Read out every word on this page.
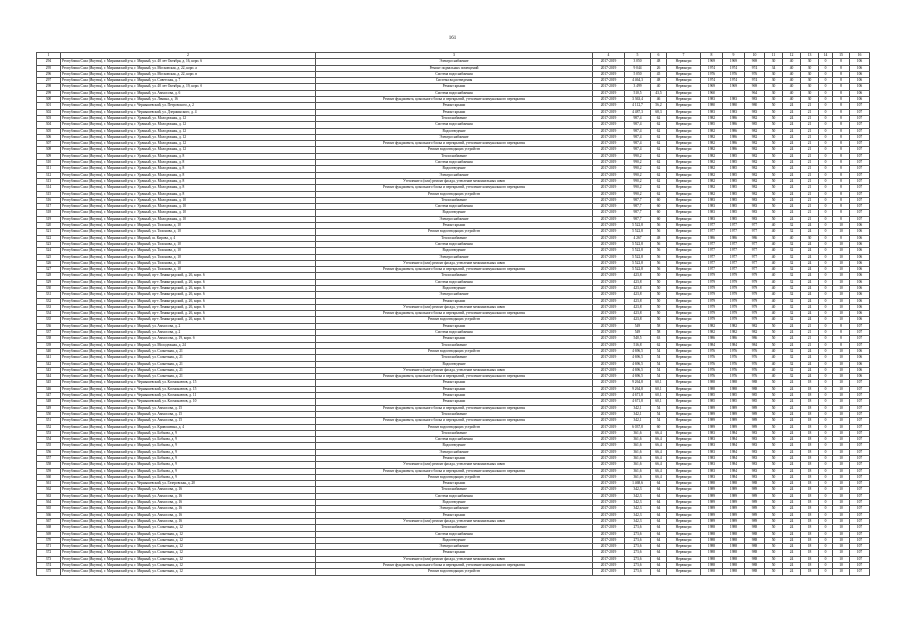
161
1	2	3	4	5	6	7	8	9	10	11	12	13	14	15	16
294	Республика Саха (Якутия), г. Мирнинский р-н, г. Мирный, ул. 40 лет Октября, д. 16, корп. 6	Электроснабжение	2017-2019	3 050	48	Нерюнгри	1969	1969	969	30	40	30	0	8	106
295	Республика Саха (Якутия), г. Мирнинский р-н, г. Мирный, ул. Московская, д. 22, корп. а	Ремонт подвальных помещений	2017-2019	9 044	26	Нерюнгри	1974	1974	974	34	40	30	0	8	106
296	Республика Саха (Якутия), г. Мирнинский р-н, г. Мирный, ул. Московская, д. 22, корп. в	Система водоснабжения	2017-2019	5 050	45	Нерюнгри	1976	1976	976	30	40	30	0	8	106
297	Республика Саха (Якутия), г. Мирнинский р-н, г. Мирный, ул. Советская, д. 7	Система водоотведения	2017-2019	4 464,3	48	Нерюнгри	1974	1974	974	30	40	30	0	8	106
298	Республика Саха (Якутия), г. Мирнинский р-н, г. Мирный, ул. 40 лет Октября, д. 19, корп. б	Ремонт крыши	2017-2019	3 499	40	Нерюнгри	1969	1969	969	30	40	30	0	8	106
299	Республика Саха (Якутия), г. Мирнинский р-н, г. Мирный, ул. Аммосова, д. 6	Система водоснабжения	2017-2019	510,5	43,5	Нерюнгри	1960		964	30	40	30	0	8	106
300	Республика Саха (Якутия), г. Мирнинский р-н, г. Мирный, ул. Ленина, д. 16	Ремонт фундамента, цокольного блока и перекрытий, утепление коммунального перекрытия	2017-2019	3 363,4	46	Нерюнгри	1983	1983	983	30	40	30	0	8	106
301	Республика Саха (Якутия), г. Мирнинский р-н, г. Чернышевский, ул. Петровского, д. 2	Ремонт крыши	2017-2019	4 112,7	56,2	Нерюнгри	1980	1980	980	50	24	21	0	8	107
302	Республика Саха (Якутия), г. Мирнинский р-н, г. Чернышевский, ул. Дзержинского, д. 4	Ремонт крыши	2017-2019	4 487,3	68,3	Нерюнгри	1983	1983	983	50	24	21	0	8	107
303	Республика Саха (Якутия), г. Мирнинский р-н, г. Удачный, ул. Молодежная, д. 12	Теплоснабжение	2017-2019	987,4	62	Нерюнгри	1982	1986	982	50	24	21	0	8	107
304	Республика Саха (Якутия), г. Мирнинский р-н, г. Удачный, ул. Молодежная, д. 12	Система водоснабжения	2017-2019	987,4	62	Нерюнгри	1985	1986	985	50	24	21	0	8	107
305	Республика Саха (Якутия), г. Мирнинский р-н, г. Удачный, ул. Молодежная, д. 12	Водоотведение	2017-2019	987,4	62	Нерюнгри	1982	1986	982	50	24	21	0	8	107
306	Республика Саха (Якутия), г. Мирнинский р-н, г. Удачный, ул. Молодежная, д. 12	Электроснабжение	2017-2019	987,4	62	Нерюнгри	1982	1986	982	50	24	21	0	8	107
307	Республика Саха (Якутия), г. Мирнинский р-н, г. Удачный, ул. Молодежная, д. 12	Ремонт фундамента, цокольного блока и перекрытий, утепление коммунального перекрытия	2017-2019	987,4	62	Нерюнгри	1982	1986	982	50	24	21	0	8	107
308	Республика Саха (Якутия), г. Мирнинский р-н, г. Удачный, ул. Молодежная, д. 12	Ремонт водоотводящих устройств	2017-2019	987,4	62	Нерюнгри	1982	1986	982	50	24	21	0	8	107
309	Республика Саха (Якутия), г. Мирнинский р-н, г. Удачный, ул. Молодежная, д. 8	Теплоснабжение	2017-2019	990,2	62	Нерюнгри	1982	1985	982	50	24	21	0	8	107
310	Республика Саха (Якутия), г. Мирнинский р-н, г. Удачный, ул. Молодежная, д. 8	Система водоснабжения	2017-2019	990,2	62	Нерюнгри	1982	1985	982	50	24	21	0	8	107
311	Республика Саха (Якутия), г. Мирнинский р-н, г. Удачный, ул. Молодежная, д. 8	Водоотведение	2017-2019	990,2	62	Нерюнгри	1982	1985	982	50	24	21	0	8	107
312	Республика Саха (Якутия), г. Мирнинский р-н, г. Удачный, ул. Молодежная, д. 8	Электроснабжение	2017-2019	990,2	62	Нерюнгри	1982	1985	982	50	24	21	0	8	107
313	Республика Саха (Якутия), г. Мирнинский р-н, г. Удачный, ул. Молодежная, д. 8	Утепление и (или) ремонт фасада, утепление межпанельных швов	2017-2019	990,2	62	Нерюнгри	1982	1985	982	50	24	21	0	8	107
314	Республика Саха (Якутия), г. Мирнинский р-н, г. Удачный, ул. Молодежная, д. 8	Ремонт фундамента, цокольного блока и перекрытий, утепление коммунального перекрытия	2017-2019	990,2	62	Нерюнгри	1982	1985	982	50	24	21	0	8	107
315	Республика Саха (Якутия), г. Мирнинский р-н, г. Удачный, ул. Молодежная, д. 8	Ремонт водоотводящих устройств	2017-2019	990,2	62	Нерюнгри	1982	1985	982	50	24	21	0	8	107
316	Республика Саха (Якутия), г. Мирнинский р-н, г. Удачный, ул. Молодежная, д. 10	Теплоснабжение	2017-2019	987,7	60	Нерюнгри	1983	1985	983	50	24	21	0	8	107
317	Республика Саха (Якутия), г. Мирнинский р-н, г. Удачный, ул. Молодежная, д. 10	Система водоснабжения	2017-2019	987,7	60	Нерюнгри	1983	1985	983	50	24	21	0	8	107
318	Республика Саха (Якутия), г. Мирнинский р-н, г. Удачный, ул. Молодежная, д. 10	Водоотведение	2017-2019	987,7	60	Нерюнгри	1983	1985	983	50	24	21	0	8	107
319	Республика Саха (Якутия), г. Мирнинский р-н, г. Удачный, ул. Молодежная, д. 10	Электроснабжение	2017-2019	987,7	60	Нерюнгри	1983	1985	983	50	24	21	0	8	107
320	Республика Саха (Якутия), г. Мирнинский р-н, г. Мирный, ул. Тихонова, д. 10	Ремонт крыши	2017-2019	5 522,8	56	Нерюнгри	1977	1977	977	40	32	24	0	10	106
321	Республика Саха (Якутия), г. Мирнинский р-н, г. Мирный, ул. Тихонова, д. 10	Ремонт водоотводящих устройств	2017-2019	5 522,8	56	Нерюнгри	1977	1977	977	40	32	24	0	10	106
322	Республика Саха (Якутия), г. Мирнинский р-н, г. Мирный, ш. Кирова, д. 4	Теплоснабжение	2017-2019	4 267	48	Нерюнгри	1986	1986	986	30	40	30	0	8	106
323	Республика Саха (Якутия), г. Мирнинский р-н, г. Мирный, ул. Тихонова, д. 10	Система водоснабжения	2017-2019	5 522,8	56	Нерюнгри	1977	1977	977	40	32	24	0	10	106
324	Республика Саха (Якутия), г. Мирнинский р-н, г. Мирный, ул. Тихонова, д. 10	Водоотведение	2017-2019	5 522,8	56	Нерюнгри	1977	1977	977	40	32	24	0	10	106
325	Республика Саха (Якутия), г. Мирнинский р-н, г. Мирный, ул. Тихонова, д. 10	Электроснабжение	2017-2019	5 522,8	56	Нерюнгри	1977	1977	977	40	32	24	0	10	106
326	Республика Саха (Якутия), г. Мирнинский р-н, г. Мирный, ул. Тихонова, д. 10	Утепление и (или) ремонт фасада, утепление межпанельных швов	2017-2019	5 522,8	56	Нерюнгри	1977	1977	977	40	32	24	0	10	106
327	Республика Саха (Якутия), г. Мирнинский р-н, г. Мирный, ул. Тихонова, д. 10	Ремонт фундамента, цокольного блока и перекрытий, утепление коммунального перекрытия	2017-2019	5 522,8	56	Нерюнгри	1977	1977	977	40	32	24	0	10	106
328	Республика Саха (Якутия), г. Мирнинский р-н, г. Мирный, пр-т Ленинградский, д. 26, корп. 6	Теплоснабжение	2017-2019	423,8	50	Нерюнгри	1979	1979	979	40	32	24	0	10	106
329	Республика Саха (Якутия), г. Мирнинский р-н, г. Мирный, пр-т Ленинградский, д. 26, корп. 6	Система водоснабжения	2017-2019	423,8	50	Нерюнгри	1979	1979	979	40	32	24	0	10	106
330	Республика Саха (Якутия), г. Мирнинский р-н, г. Мирный, пр-т Ленинградский, д. 26, корп. 6	Водоотведение	2017-2019	423,8	50	Нерюнгри	1979	1979	979	40	32	24	0	10	106
331	Республика Саха (Якутия), г. Мирнинский р-н, г. Мирный, пр-т Ленинградский, д. 26, корп. 6	Электроснабжение	2017-2019	423,8	50	Нерюнгри	1979	1979	979	40	32	24	0	10	106
332	Республика Саха (Якутия), г. Мирнинский р-н, г. Мирный, пр-т Ленинградский, д. 26, корп. 6	Ремонт крыши	2017-2019	423,8	50	Нерюнгри	1979	1979	979	40	32	24	0	10	106
333	Республика Саха (Якутия), г. Мирнинский р-н, г. Мирный, пр-т Ленинградский, д. 26, корп. 6	Утепление и (или) ремонт фасада, утепление межпанельных швов	2017-2019	423,8	50	Нерюнгри	1979	1979	979	40	32	24	0	10	106
334	Республика Саха (Якутия), г. Мирнинский р-н, г. Мирный, пр-т Ленинградский, д. 26, корп. 6	Ремонт фундамента, цокольного блока и перекрытий, утепление коммунального перекрытия	2017-2019	423,8	50	Нерюнгри	1979	1979	979	40	32	24	0	10	106
335	Республика Саха (Якутия), г. Мирнинский р-н, г. Мирный, пр-т Ленинградский, д. 26, корп. 6	Ремонт водоотводящих устройств	2017-2019	423,8	50	Нерюнгри	1979	1979	979	40	32	24	0	10	106
336	Республика Саха (Якутия), г. Мирнинский р-н, г. Мирный, ул. Аммосова, д. 2	Ремонт крыши	2017-2019	549	58	Нерюнгри	1982	1982	982	50	24	21	0	8	107
337	Республика Саха (Якутия), г. Мирнинский р-н, г. Мирный, ул. Аммосова, д. 2	Система водоснабжения	2017-2019	549	58	Нерюнгри	1982	1982	982	50	24	21	0	8	107
338	Республика Саха (Якутия), г. Мирнинский р-н, г. Мирный, ул. Аммосова, д. 19, корп. б	Ремонт крыши	2017-2019	540,5	63	Нерюнгри	1986	1986	986	50	24	21	0	8	107
339	Республика Саха (Якутия), г. Мирнинский р-н, г. Мирный, ул. Молодежная, д. 24	Теплоснабжение	2017-2019	516,8	62	Нерюнгри	1984	1984	984	50	24	21	0	8	107
340	Республика Саха (Якутия), г. Мирнинский р-н, г. Мирный, ул. Солнечная, д. 21	Ремонт водоотводящих устройств	2017-2019	4 696,5	54	Нерюнгри	1976	1976	976	40	32	24	0	10	106
341	Республика Саха (Якутия), г. Мирнинский р-н, г. Мирный, ул. Солнечная, д. 21	Теплоснабжение	2017-2019	4 696,5	54	Нерюнгри	1976	1976	976	40	32	24	0	10	106
342	Республика Саха (Якутия), г. Мирнинский р-н, г. Мирный, ул. Солнечная, д. 21	Водоотведение	2017-2019	4 696,5	54	Нерюнгри	1976	1976	976	40	32	24	0	10	106
343	Республика Саха (Якутия), г. Мирнинский р-н, г. Мирный, ул. Солнечная, д. 21	Утепление и (или) ремонт фасада, утепление межпанельных швов	2017-2019	4 696,5	54	Нерюнгри	1976	1976	976	40	32	24	0	10	106
344	Республика Саха (Якутия), г. Мирнинский р-н, г. Мирный, ул. Солнечная, д. 21	Ремонт фундамента, цокольного блока и перекрытий, утепление коммунального перекрытия	2017-2019	4 696,5	54	Нерюнгри	1976	1976	976	40	32	24	0	10	106
345	Республика Саха (Якутия), г. Мирнинский р-н, г. Чернышевский, ул. Космонавтов, д. 15	Ремонт крыши	2017-2019	9 264,8	60,1	Нерюнгри	1988	1988	988	50	24	18	0	10	107
346	Республика Саха (Якутия), г. Мирнинский р-н, г. Чернышевский, ул. Космонавтов, д. 15	Ремонт крыши	2017-2019	9 264,8	60,1	Нерюнгри	1988	1988	988	50	24	18	0	10	107
347	Республика Саха (Якутия), г. Мирнинский р-н, г. Чернышевский, ул. Космонавтов, д. 11	Ремонт крыши	2017-2019	4 671,8	60,1	Нерюнгри	1985	1985	985	50	24	18	0	10	107
348	Республика Саха (Якутия), г. Мирнинский р-н, г. Чернышевский, ул. Космонавтов, д. 10	Ремонт крыши	2017-2019	4 671,8	60,1	Нерюнгри	1985	1985	985	50	24	18	0	10	107
349	Республика Саха (Якутия), г. Мирнинский р-н, г. Мирный, ул. Аммосова, д. 15	Ремонт фундамента, цокольного блока и перекрытий, утепление коммунального перекрытия	2017-2019	342,1	54	Нерюнгри	1989	1989	989	50	24	18	0	10	107
350	Республика Саха (Якутия), г. Мирнинский р-н, г. Мирный, ул. Аммосова, д. 15	Теплоснабжение	2017-2019	342,1	54	Нерюнгри	1989	1989	989	50	24	18	0	10	107
351	Республика Саха (Якутия), г. Мирнинский р-н, г. Мирный, ул. Аммосова, д. 15	Ремонт фундамента, цокольного блока и перекрытий, утепление коммунального перекрытия	2017-2019	342,1	54	Нерюнгри	1989	1989	989	50	24	18	0	10	107
352	Республика Саха (Якутия), г. Мирнинский р-н, г. Мирный, ул. Кривошеина, д. 4	Ремонт водоотводящих устройств	2017-2019	6 037,8	60	Нерюнгри	1989	1989	989	50	24	18	0	10	107
353	Республика Саха (Якутия), г. Мирнинский р-н, г. Мирный, ул. Бобкова, д. 9	Теплоснабжение	2017-2019	361,6	66,4	Нерюнгри	1983	1984	983	50	24	18	0	10	107
354	Республика Саха (Якутия), г. Мирнинский р-н, г. Мирный, ул. Бобкова, д. 9	Система водоснабжения	2017-2019	361,6	66,4	Нерюнгри	1983	1984	983	50	24	18	0	10	107
355	Республика Саха (Якутия), г. Мирнинский р-н, г. Мирный, ул. Бобкова, д. 9	Водоотведение	2017-2019	361,6	66,4	Нерюнгри	1983	1984	983	50	24	18	0	10	107
356	Республика Саха (Якутия), г. Мирнинский р-н, г. Мирный, ул. Бобкова, д. 9	Электроснабжение	2017-2019	361,6	66,4	Нерюнгри	1983	1984	983	50	24	18	0	10	107
357	Республика Саха (Якутия), г. Мирнинский р-н, г. Мирный, ул. Бобкова, д. 9	Ремонт крыши	2017-2019	361,6	66,4	Нерюнгри	1983	1984	983	50	24	18	0	10	107
358	Республика Саха (Якутия), г. Мирнинский р-н, г. Мирный, ул. Бобкова, д. 9	Утепление и (или) ремонт фасада, утепление межпанельных швов	2017-2019	361,6	66,4	Нерюнгри	1983	1984	983	50	24	18	0	10	107
359	Республика Саха (Якутия), г. Мирнинский р-н, г. Мирный, ул. Бобкова, д. 9	Ремонт фундамента, цокольного блока и перекрытий, утепление коммунального перекрытия	2017-2019	361,6	66,4	Нерюнгри	1983	1984	983	50	24	18	0	10	107
360	Республика Саха (Якутия), г. Мирнинский р-н, г. Мирный, ул. Бобкова, д. 9	Ремонт водоотводящих устройств	2017-2019	361,6	66,4	Нерюнгри	1983	1984	983	50	24	18	0	10	107
361	Республика Саха (Якутия), г. Мирнинский р-н, г. Чернышевский, ул. Газеровская, д. 20	Ремонт крыши	2017-2019	1 468,6	64	Нерюнгри	1988	1988	988	50	24	18	0	10	107
362	Республика Саха (Якутия), г. Мирнинский р-н, г. Мирный, ул. Аммосова, д. 16	Теплоснабжение	2017-2019	342,3	64	Нерюнгри	1989	1989	989	50	24	18	0	10	107
363	Республика Саха (Якутия), г. Мирнинский р-н, г. Мирный, ул. Аммосова, д. 16	Система водоснабжения	2017-2019	342,3	64	Нерюнгри	1989	1989	989	50	24	18	0	10	107
364	Республика Саха (Якутия), г. Мирнинский р-н, г. Мирный, ул. Аммосова, д. 16	Водоотведение	2017-2019	342,3	64	Нерюнгри	1989	1989	989	50	24	18	0	10	107
365	Республика Саха (Якутия), г. Мирнинский р-н, г. Мирный, ул. Аммосова, д. 16	Электроснабжение	2017-2019	342,3	64	Нерюнгри	1989	1989	989	50	24	18	0	10	107
366	Республика Саха (Якутия), г. Мирнинский р-н, г. Мирный, ул. Аммосова, д. 16	Ремонт крыши	2017-2019	342,3	64	Нерюнгри	1989	1989	989	50	24	18	0	10	107
367	Республика Саха (Якутия), г. Мирнинский р-н, г. Мирный, ул. Аммосова, д. 16	Утепление и (или) ремонт фасада, утепление межпанельных швов	2017-2019	342,3	64	Нерюнгри	1989	1989	989	50	24	18	0	10	107
368	Республика Саха (Якутия), г. Мирнинский р-н, г. Мирный, ул. Солнечная, д. 12	Теплоснабжение	2017-2019	273,6	64	Нерюнгри	1988	1988	988	50	24	18	0	10	107
369	Республика Саха (Якутия), г. Мирнинский р-н, г. Мирный, ул. Солнечная, д. 12	Система водоснабжения	2017-2019	273,6	64	Нерюнгри	1988	1988	988	50	24	18	0	10	107
370	Республика Саха (Якутия), г. Мирнинский р-н, г. Мирный, ул. Солнечная, д. 12	Водоотведение	2017-2019	273,6	64	Нерюнгри	1988	1988	988	50	24	18	0	10	107
371	Республика Саха (Якутия), г. Мирнинский р-н, г. Мирный, ул. Солнечная, д. 12	Электроснабжение	2017-2019	273,6	64	Нерюнгри	1988	1988	988	50	24	18	0	10	107
372	Республика Саха (Якутия), г. Мирнинский р-н, г. Мирный, ул. Солнечная, д. 12	Ремонт крыши	2017-2019	273,6	64	Нерюнгри	1988	1988	988	50	24	18	0	10	107
373	Республика Саха (Якутия), г. Мирнинский р-н, г. Мирный, ул. Солнечная, д. 12	Утепление и (или) ремонт фасада, утепление межпанельных швов	2017-2019	273,6	64	Нерюнгри	1988	1988	988	50	24	18	0	10	107
374	Республика Саха (Якутия), г. Мирнинский р-н, г. Мирный, ул. Солнечная, д. 12	Ремонт фундамента, цокольного блока и перекрытий, утепление коммунального перекрытия	2017-2019	273,6	64	Нерюнгри	1988	1988	988	50	24	18	0	10	107
375	Республика Саха (Якутия), г. Мирнинский р-н, г. Мирный, ул. Солнечная, д. 12	Ремонт водоотводящих устройств	2017-2019	273,6	64	Нерюнгри	1988	1988	988	50	24	18	0	10	107
